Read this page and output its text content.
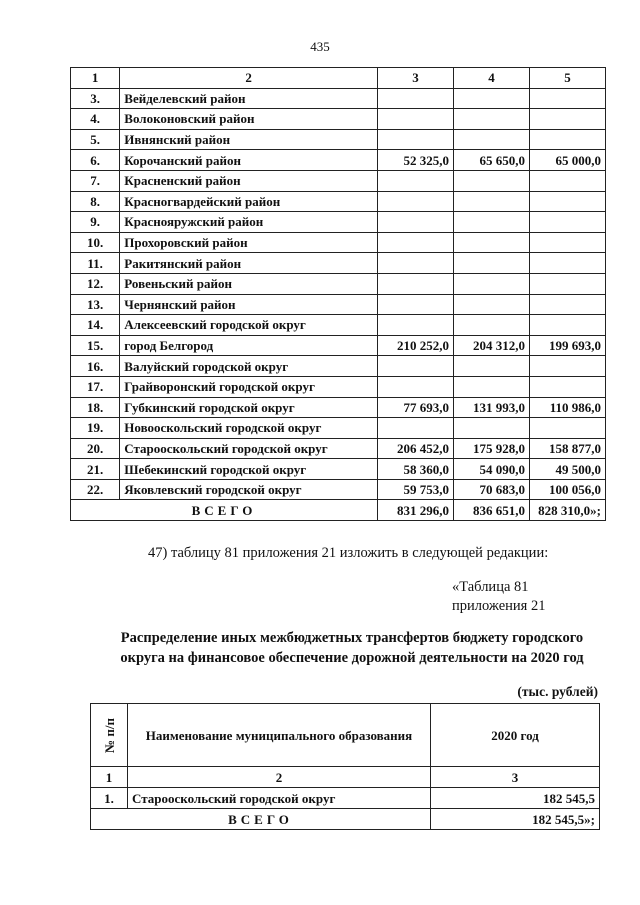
435
1	2	3	4	5
3.	Вейделевский район			
4.	Волоконовский район			
5.	Ивнянский район			
6.	Корочанский район	52 325,0	65 650,0	65 000,0
7.	Красненский район			
8.	Красногвардейский район			
9.	Краснояружский район			
10.	Прохоровский район			
11.	Ракитянский район			
12.	Ровеньский район			
13.	Чернянский район			
14.	Алексеевский городской округ			
15.	город Белгород	210 252,0	204 312,0	199 693,0
16.	Валуйский городской округ			
17.	Грайворонский городской округ			
18.	Губкинский городской округ	77 693,0	131 993,0	110 986,0
19.	Новооскольский городской округ			
20.	Старооскольский городской округ	206 452,0	175 928,0	158 877,0
21.	Шебекинский городской округ	58 360,0	54 090,0	49 500,0
22.	Яковлевский городской округ	59 753,0	70 683,0	100 056,0
ВСЕГО		831 296,0	836 651,0	828 310,0»;
47) таблицу 81 приложения 21 изложить в следующей редакции:
«Таблица 81
приложения 21
Распределение иных межбюджетных трансфертов бюджету городского
округа на финансовое обеспечение дорожной деятельности на 2020 год
(тыс. рублей)
№ п/п	Наименование муниципального образования	2020 год
1	2	3
1.	Старооскольский городской округ	182 545,5
ВСЕГО		182 545,5»;
